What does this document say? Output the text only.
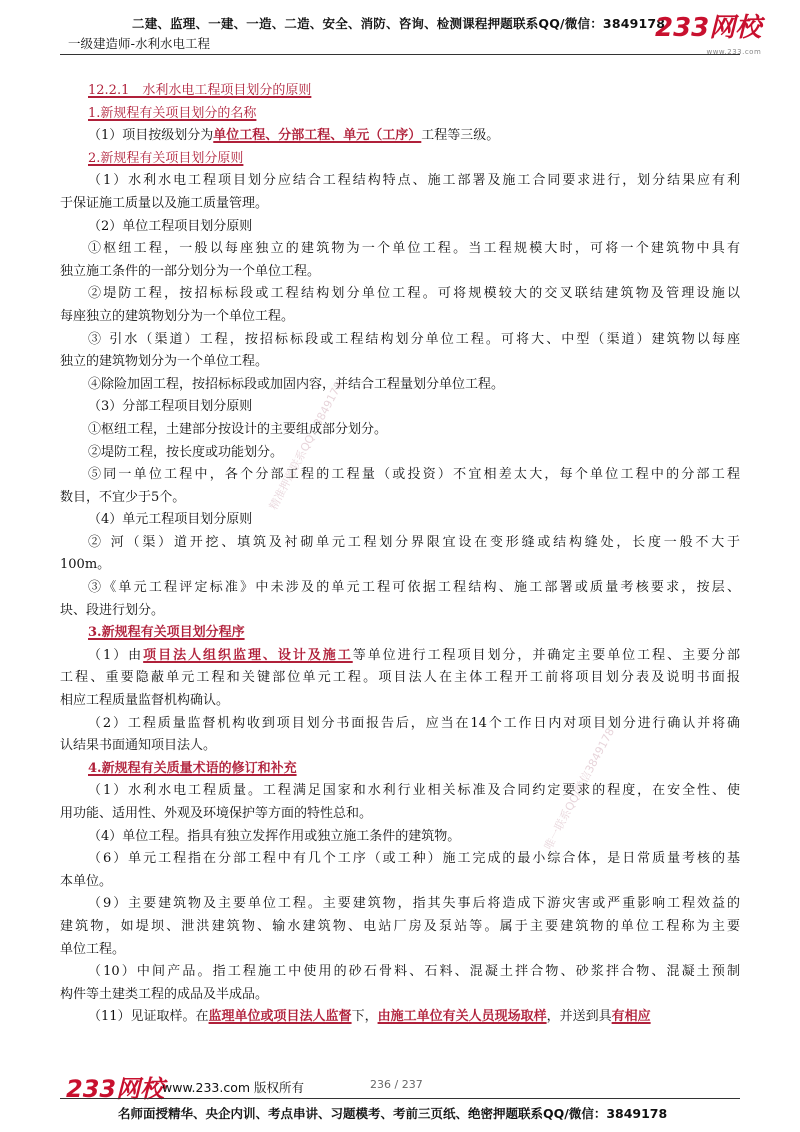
二建、监理、一建、一造、二造、安全、消防、咨询、检测课程押题联系QQ/微信：3849178
一级建造师-水利水电工程
233网校
www.233.com
精准押题联系QQ：3849178
唯一联系QQ/微信3849178
12.2.1　水利水电工程项目划分的原则
1.新规程有关项目划分的名称
（1）项目按级划分为单位工程、分部工程、单元（工序）工程等三级。
2.新规程有关项目划分原则
（1）水利水电工程项目划分应结合工程结构特点、施工部署及施工合同要求进行，划分结果应有利
于保证施工质量以及施工质量管理。
（2）单位工程项目划分原则
①枢纽工程，一般以每座独立的建筑物为一个单位工程。当工程规模大时，可将一个建筑物中具有
独立施工条件的一部分划分为一个单位工程。
②堤防工程，按招标标段或工程结构划分单位工程。可将规模较大的交叉联结建筑物及管理设施以
每座独立的建筑物划分为一个单位工程。
③ 引水（渠道）工程，按招标标段或工程结构划分单位工程。可将大、中型（渠道）建筑物以每座
独立的建筑物划分为一个单位工程。
④除险加固工程，按招标标段或加固内容，并结合工程量划分单位工程。
（3）分部工程项目划分原则
①枢纽工程，土建部分按设计的主要组成部分划分。
②堤防工程，按长度或功能划分。
⑤同一单位工程中，各个分部工程的工程量（或投资）不宜相差太大，每个单位工程中的分部工程
数目，不宜少于5个。
（4）单元工程项目划分原则
② 河（渠）道开挖、填筑及衬砌单元工程划分界限宜设在变形缝或结构缝处，长度一般不大于
100m。
③《单元工程评定标准》中未涉及的单元工程可依据工程结构、施工部署或质量考核要求，按层、
块、段进行划分。
3.新规程有关项目划分程序
（1）由项目法人组织监理、设计及施工等单位进行工程项目划分，并确定主要单位工程、主要分部
工程、重要隐蔽单元工程和关键部位单元工程。项目法人在主体工程开工前将项目划分表及说明书面报
相应工程质量监督机构确认。
（2）工程质量监督机构收到项目划分书面报告后，应当在14个工作日内对项目划分进行确认并将确
认结果书面通知项目法人。
4.新规程有关质量术语的修订和补充
（1）水利水电工程质量。工程满足国家和水利行业相关标准及合同约定要求的程度，在安全性、使
用功能、适用性、外观及环境保护等方面的特性总和。
（4）单位工程。指具有独立发挥作用或独立施工条件的建筑物。
（6）单元工程指在分部工程中有几个工序（或工种）施工完成的最小综合体，是日常质量考核的基
本单位。
（9）主要建筑物及主要单位工程。主要建筑物，指其失事后将造成下游灾害或严重影响工程效益的
建筑物，如堤坝、泄洪建筑物、输水建筑物、电站厂房及泵站等。属于主要建筑物的单位工程称为主要
单位工程。
（10）中间产品。指工程施工中使用的砂石骨料、石料、混凝土拌合物、砂浆拌合物、混凝土预制
构件等土建类工程的成品及半成品。
（11）见证取样。在监理单位或项目法人监督下，由施工单位有关人员现场取样，并送到具有相应
233网校
www.233.com 版权所有	236 / 237
名师面授精华、央企内训、考点串讲、习题模考、考前三页纸、绝密押题联系QQ/微信：3849178
